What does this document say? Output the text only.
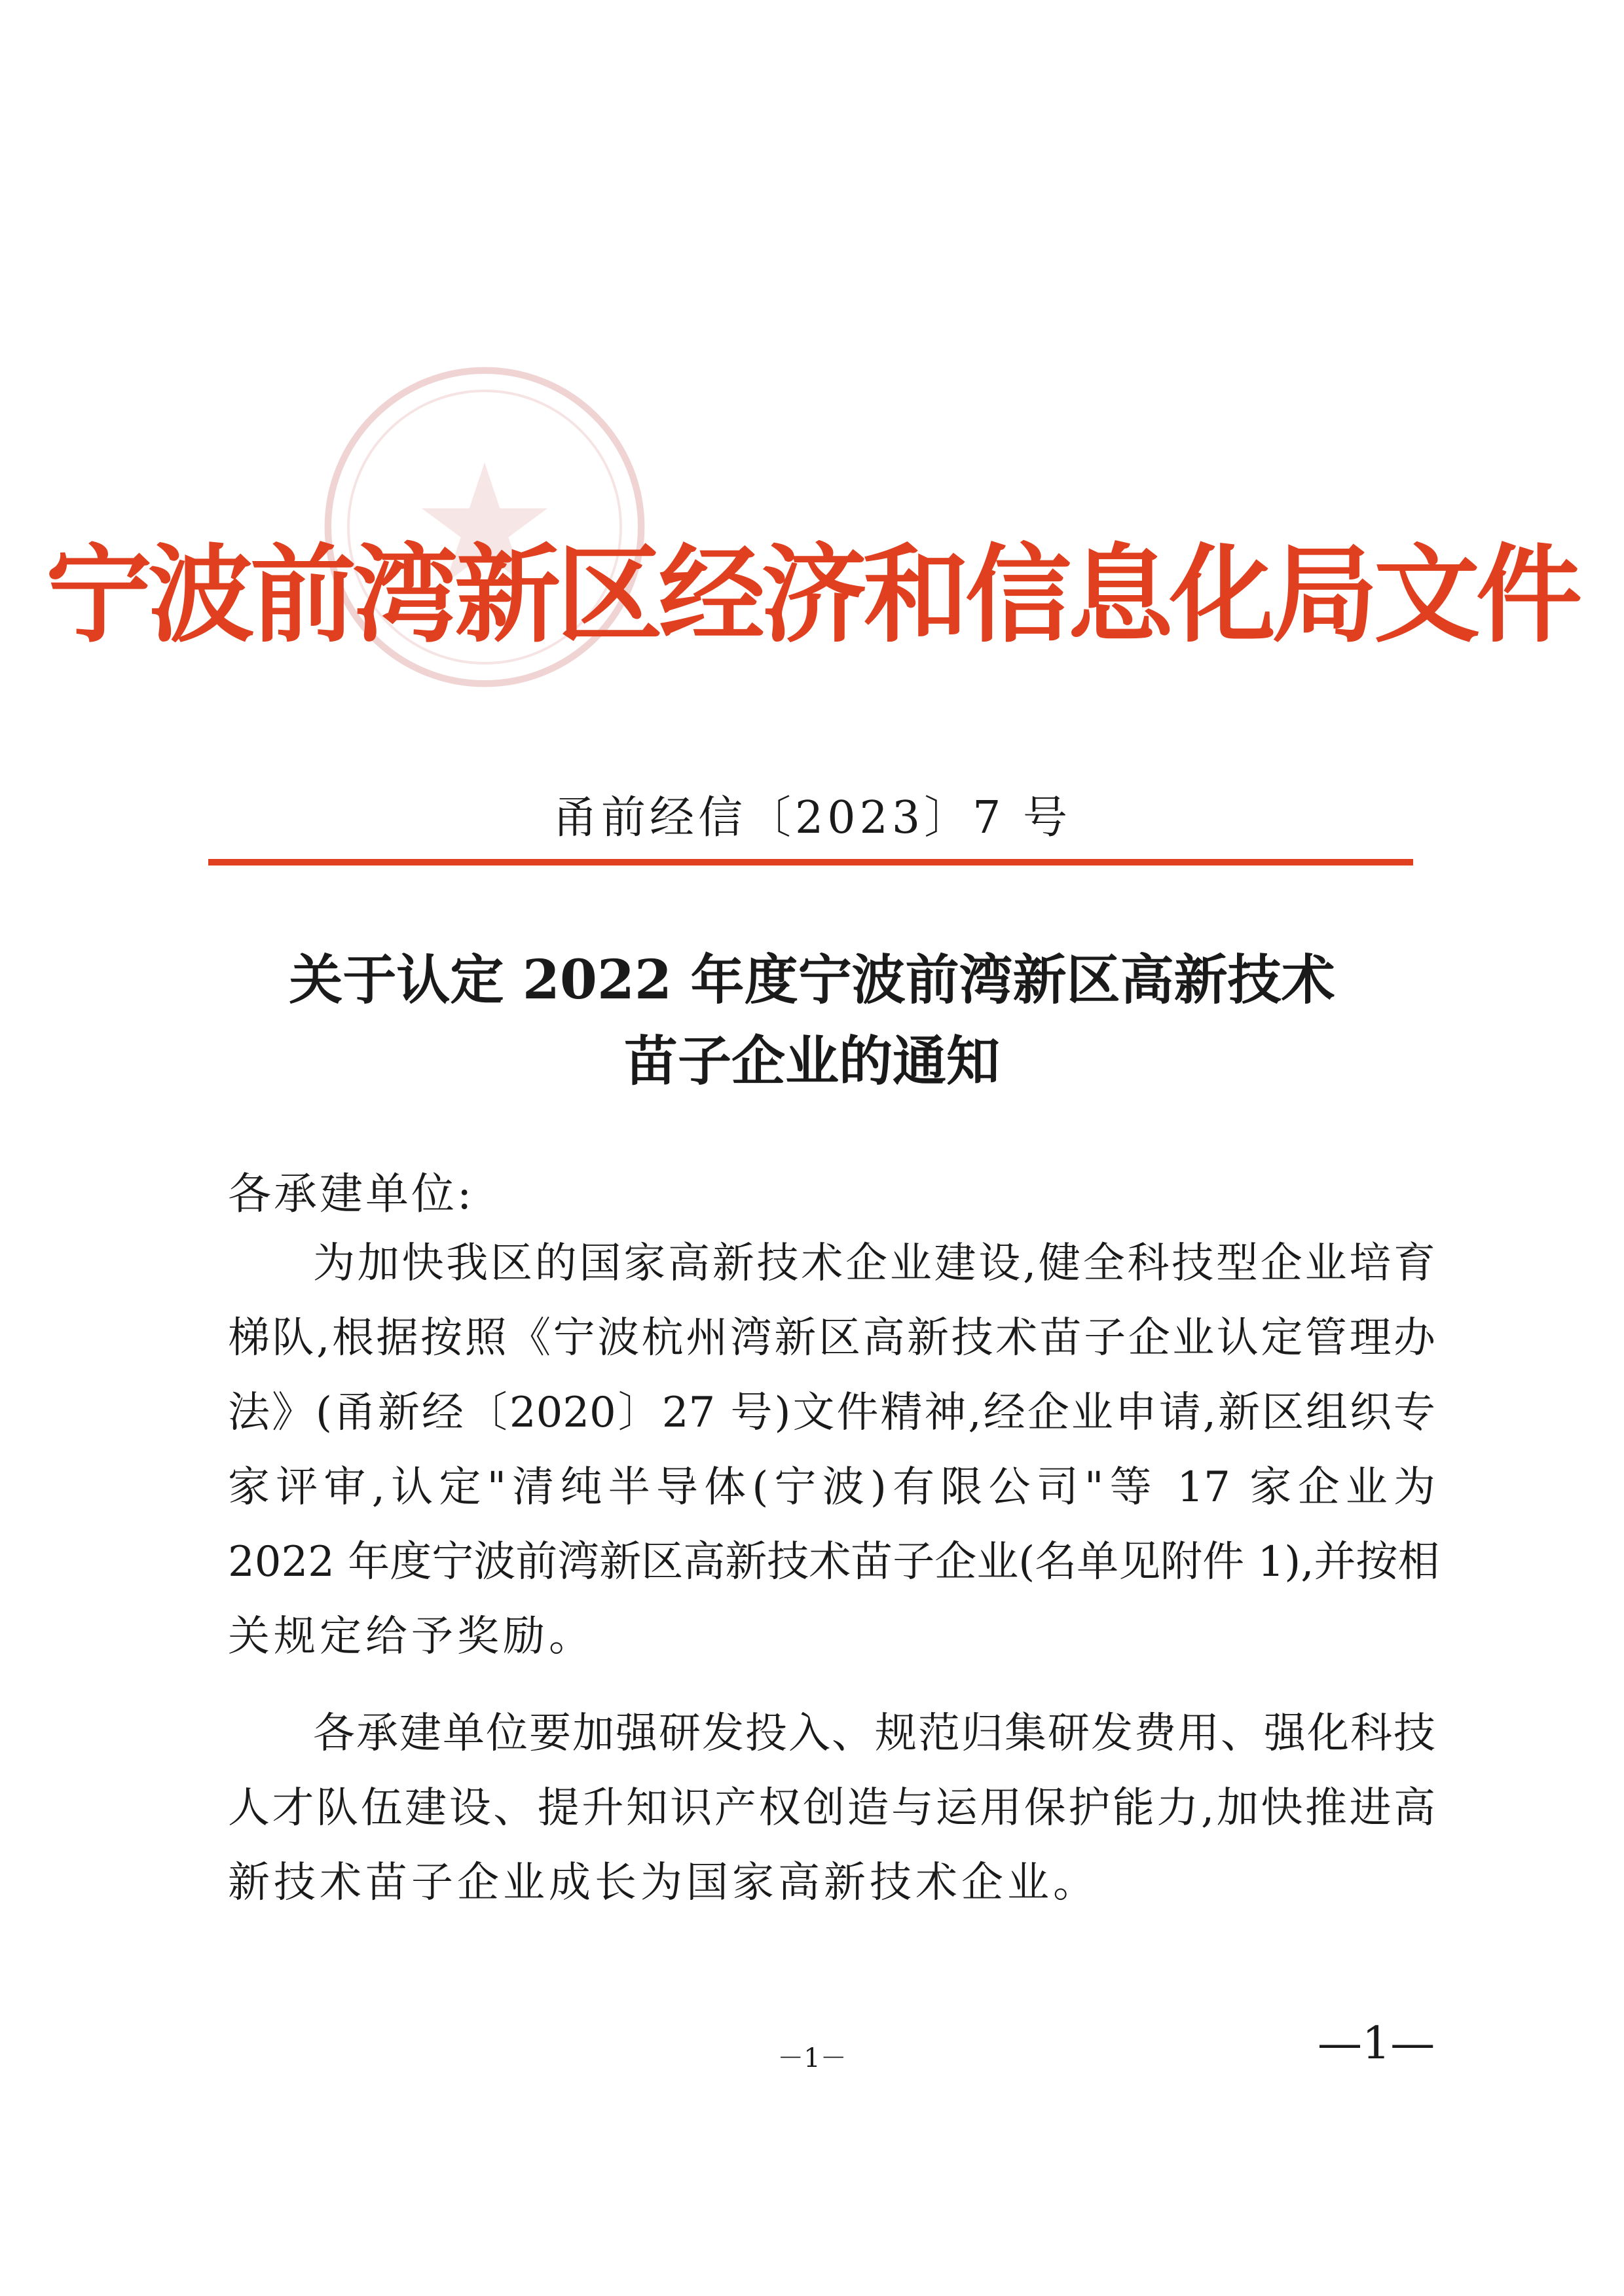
宁波前湾新区经济和信息化局文件
甬前经信〔2023〕7 号
关于认定 2022 年度宁波前湾新区高新技术
苗子企业的通知
各承建单位:
为加快我区的国家高新技术企业建设,健全科技型企业培育
梯队,根据按照《宁波杭州湾新区高新技术苗子企业认定管理办
法》(甬新经〔2020〕27 号)文件精神,经企业申请,新区组织专
家评审,认定"清纯半导体(宁波)有限公司"等 17 家企业为
2022 年度宁波前湾新区高新技术苗子企业(名单见附件 1),并按相
关规定给予奖励。
各承建单位要加强研发投入、规范归集研发费用、强化科技
人才队伍建设、提升知识产权创造与运用保护能力,加快推进高
新技术苗子企业成长为国家高新技术企业。
－1－	—1—
